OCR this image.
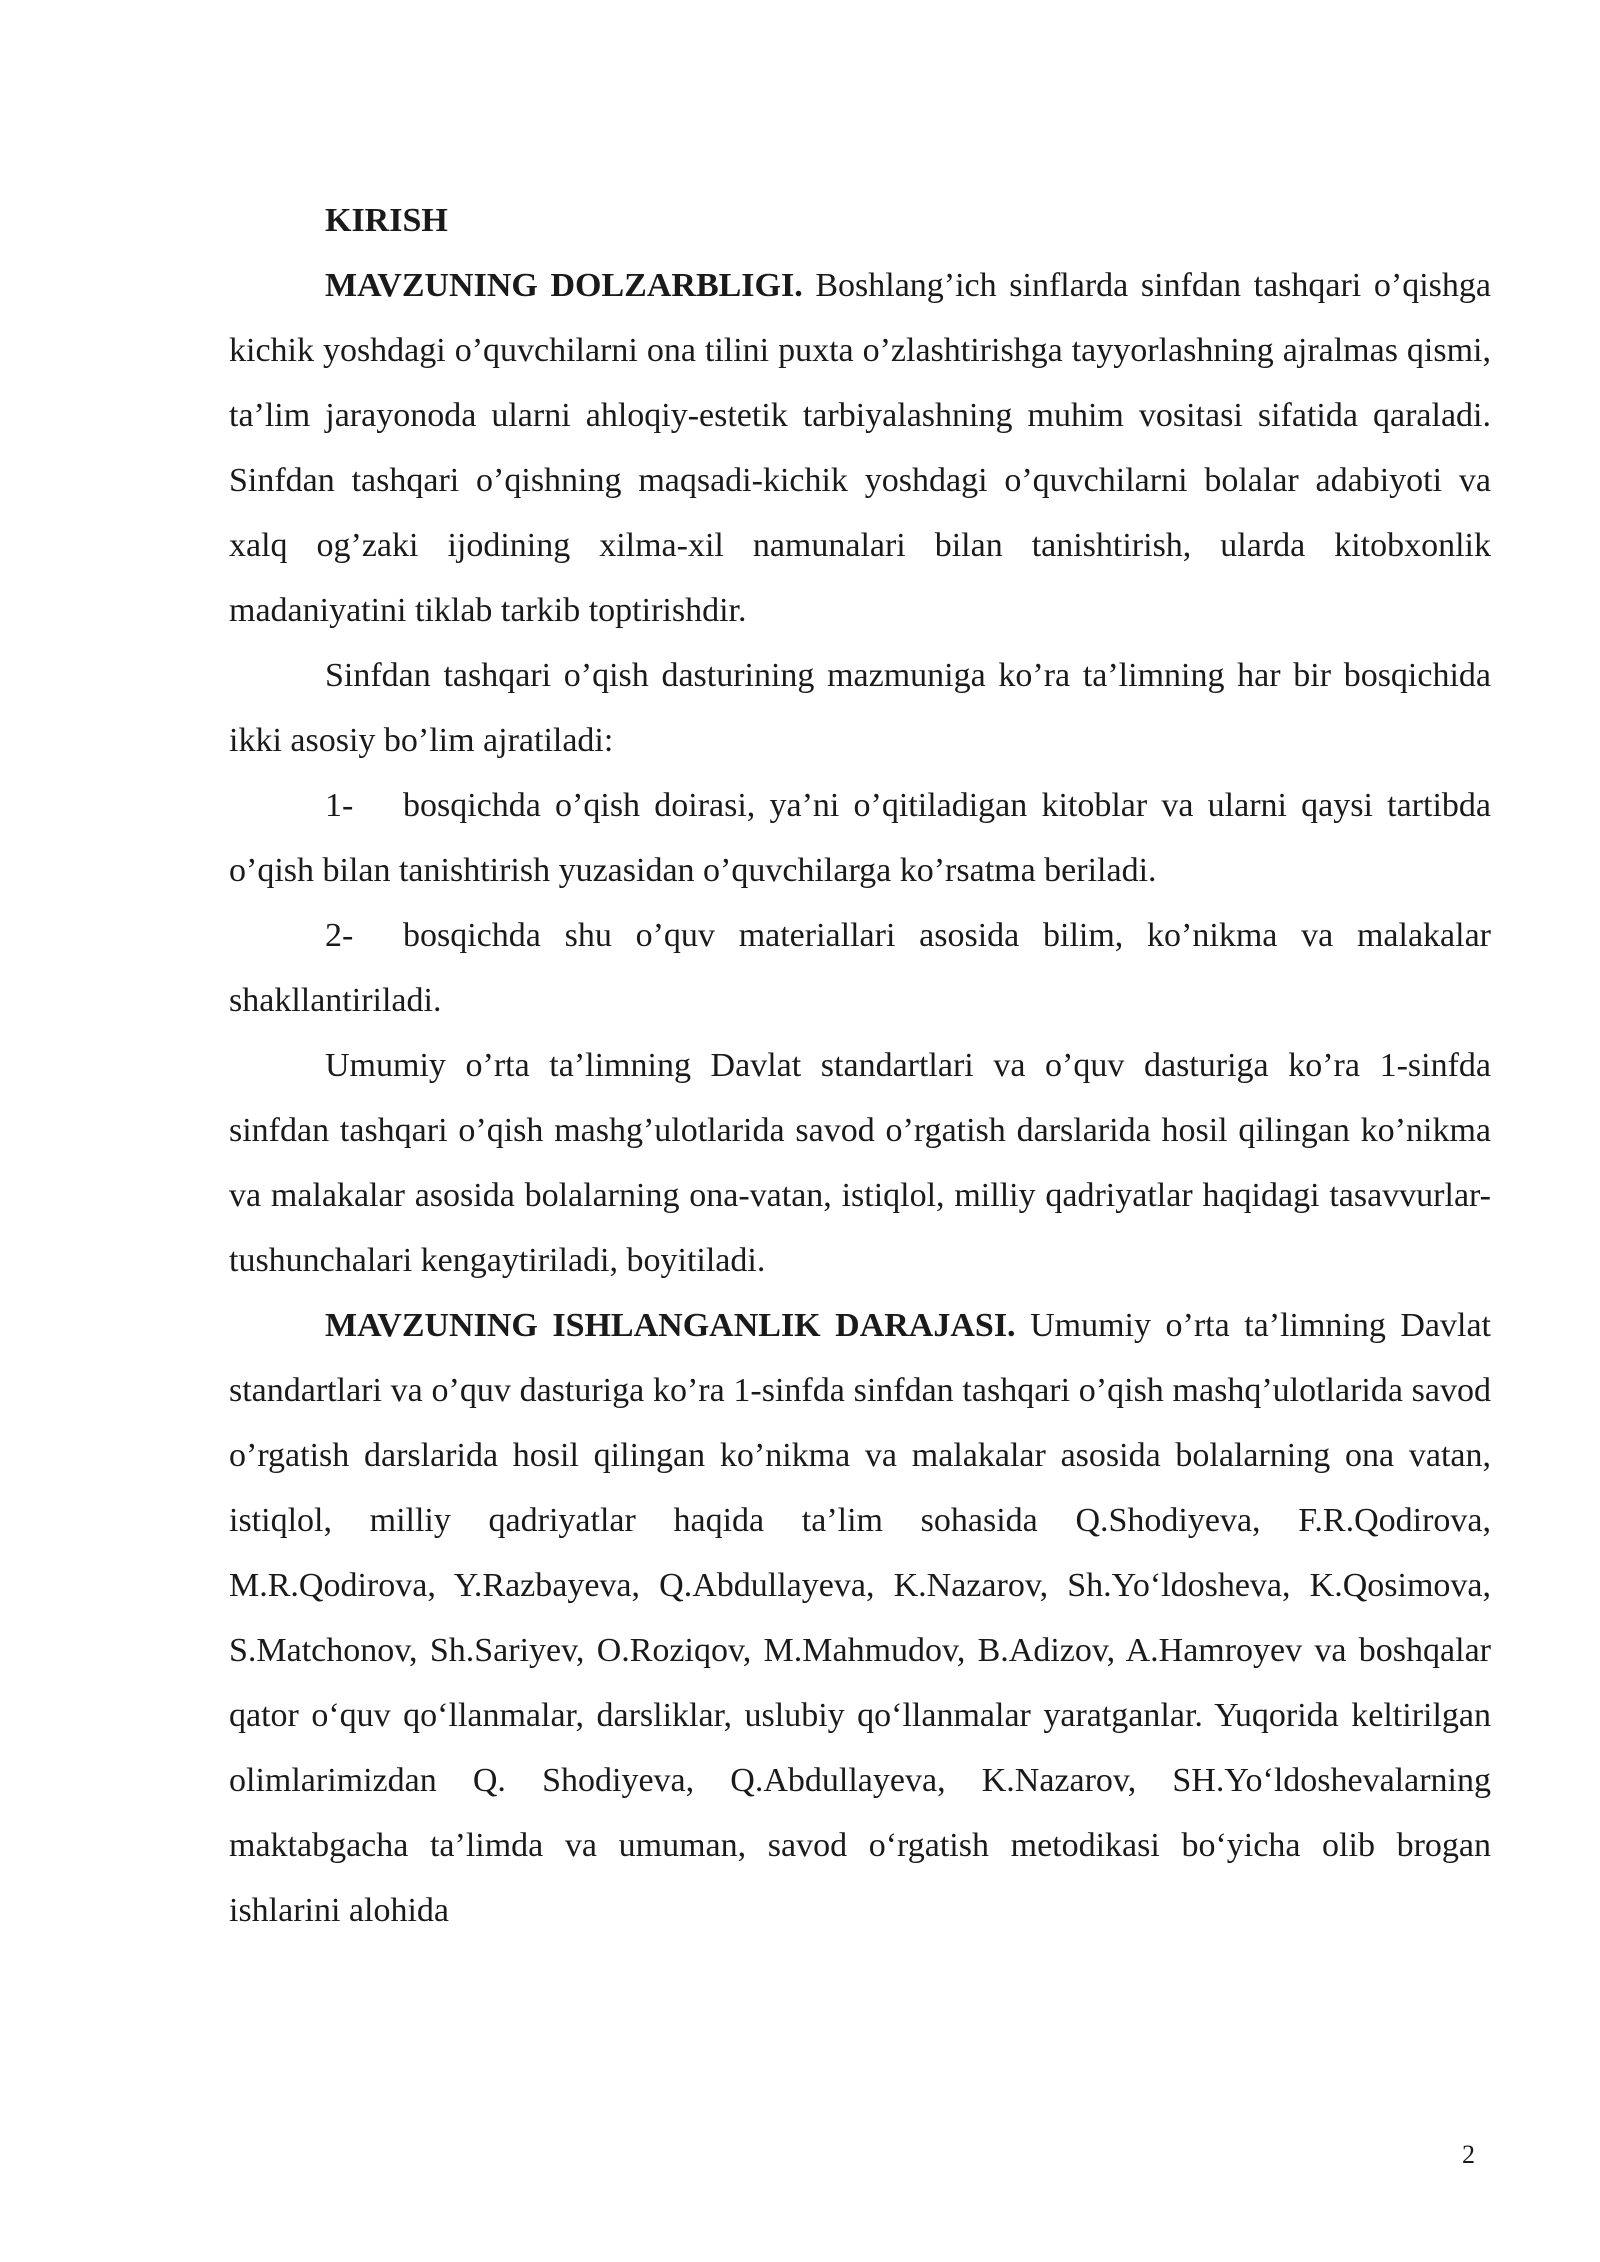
KIRISH

MAVZUNING DOLZARBLIGI. Boshlang’ich sinflarda sinfdan tashqari o’qishga kichik yoshdagi o’quvchilarni ona tilini puxta o’zlashtirishga tayyorlashning ajralmas qismi, ta’lim jarayonoda ularni ahloqiy-estetik tarbiyalashning muhim vositasi sifatida qaraladi. Sinfdan tashqari o’qishning maqsadi-kichik yoshdagi o’quvchilarni bolalar adabiyoti va xalq og’zaki ijodining xilma-xil namunalari bilan tanishtirish, ularda kitobxonlik madaniyatini tiklab tarkib toptirishdir.

Sinfdan tashqari o’qish dasturining mazmuniga ko’ra ta’limning har bir bosqichida ikki asosiy bo’lim ajratiladi:

1- bosqichda o’qish doirasi, ya’ni o’qitiladigan kitoblar va ularni qaysi tartibda o’qish bilan tanishtirish yuzasidan o’quvchilarga ko’rsatma beriladi.

2- bosqichda shu o’quv materiallari asosida bilim, ko’nikma va malakalar shakllantiriladi.

Umumiy o’rta ta’limning Davlat standartlari va o’quv dasturiga ko’ra 1-sinfda sinfdan tashqari o’qish mashg’ulotlarida savod o’rgatish darslarida hosil qilingan ko’nikma va malakalar asosida bolalarning ona-vatan, istiqlol, milliy qadriyatlar haqidagi tasavvurlar-tushunchalari kengaytiriladi, boyitiladi.

MAVZUNING ISHLANGANLIK DARAJASI. Umumiy o’rta ta’limning Davlat standartlari va o’quv dasturiga ko’ra 1-sinfda sinfdan tashqari o’qish mashq’ulotlarida savod o’rgatish darslarida hosil qilingan ko’nikma va malakalar asosida bolalarning ona vatan, istiqlol, milliy qadriyatlar haqida ta’lim sohasida Q.Shodiyeva, F.R.Qodirova, M.R.Qodirova, Y.Razbayeva, Q.Abdullayeva, K.Nazarov, Sh.Yo‘ldosheva, K.Qosimova, S.Matchonov, Sh.Sariyev, O.Roziqov, M.Mahmudov, B.Adizov, A.Hamroyev va boshqalar qator o‘quv qo‘llanmalar, darsliklar, uslubiy qo‘llanmalar yaratganlar. Yuqorida keltirilgan olimlarimizdan Q. Shodiyeva, Q.Abdullayeva, K.Nazarov, SH.Yo‘ldoshevalarning maktabgacha ta’limda va umuman, savod o‘rgatish metodikasi bo‘yicha olib brogan ishlarini alohida

2
